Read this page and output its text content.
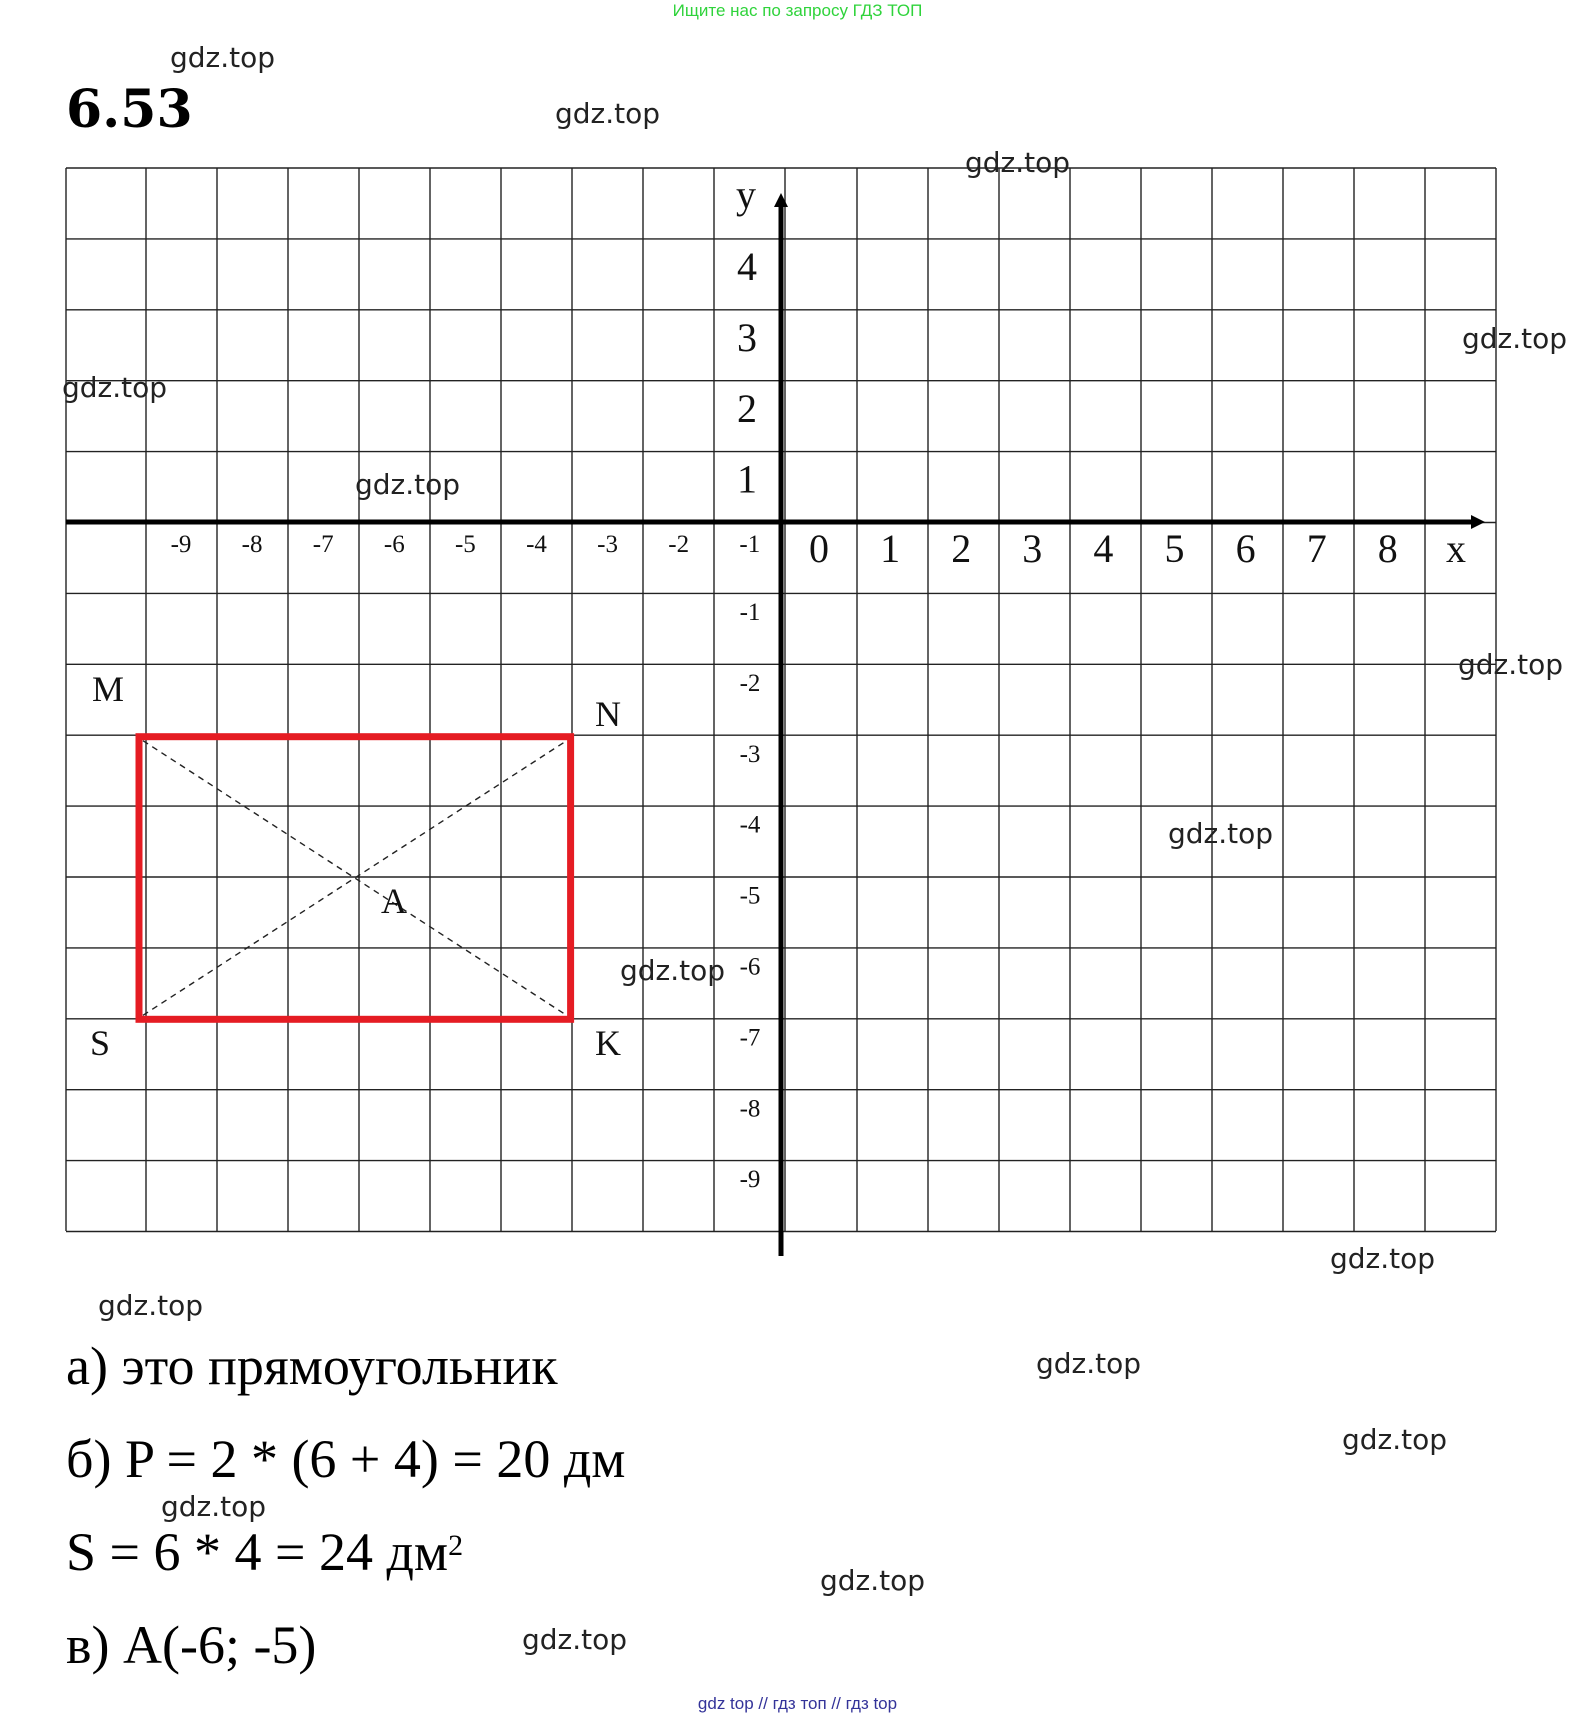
Ищите нас по запросу ГДЗ ТОП
6.53
-9 -8 -7 -6 -5 -4 -3 -2 -1 0 1 2 3 4 5 6 7 8 x
4
3
2
1
-1
-2
-3
-4
-5
-6
-7
-8
-9
y
M
N
K
S
A
gdz.top
gdz.top
gdz.top
gdz.top
gdz.top
gdz.top
gdz.top
gdz.top
gdz.top
gdz.top
gdz.top
gdz.top
gdz.top
gdz.top
gdz.top
gdz.top
а) это прямоугольник
б) P = 2 * (6 + 4) = 20 дм
S = 6 * 4 = 24 $дм^2$
в) A(-6; -5)
gdz top // гдз топ // гдз top
